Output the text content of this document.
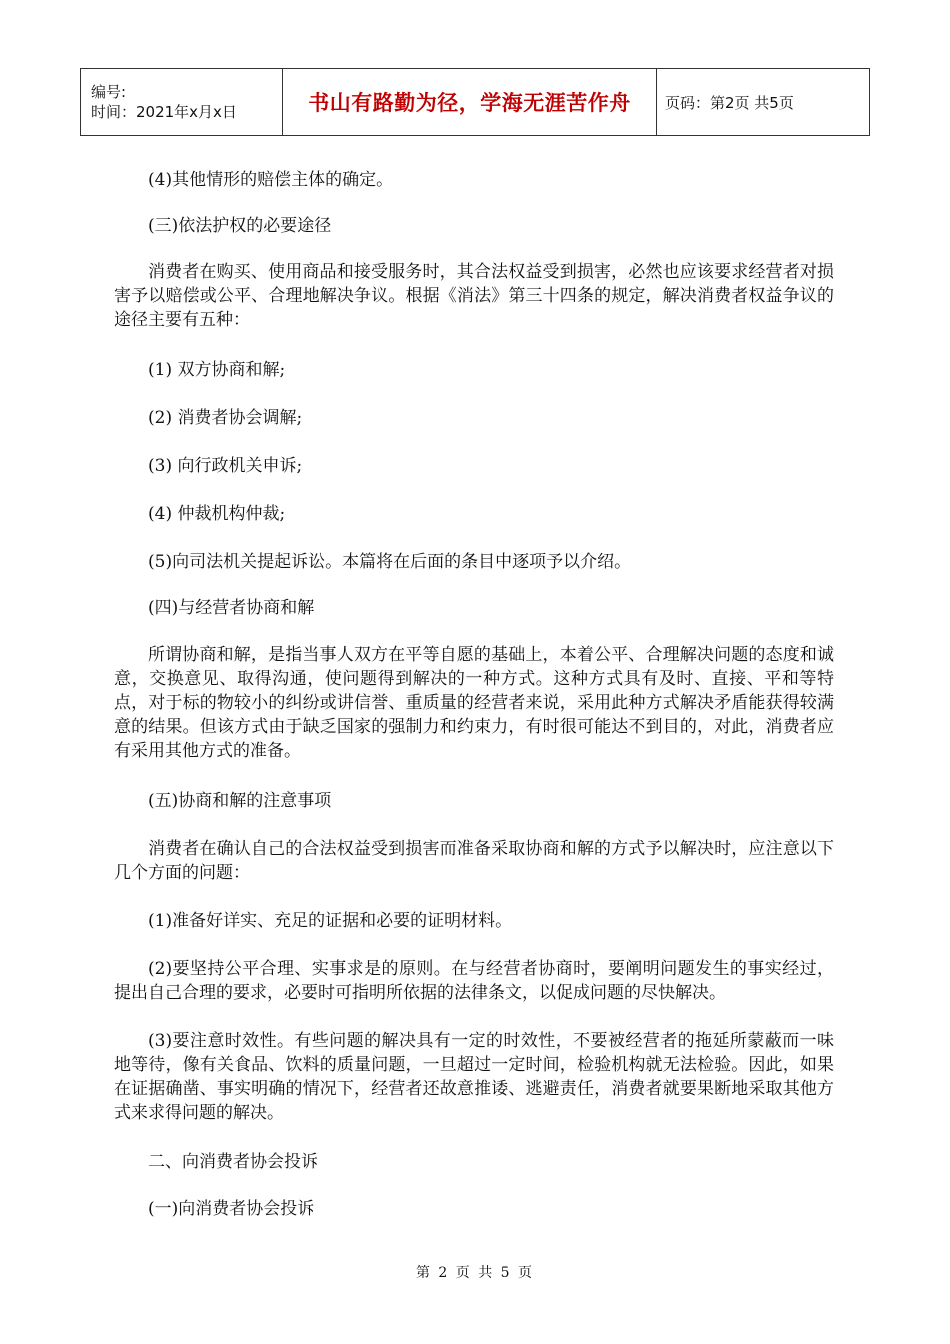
编号:
时间：2021年x月x日	书山有路勤为径，学海无涯苦作舟 页码：第2页 共5页

(4)其他情形的赔偿主体的确定。

(三)依法护权的必要途径

消费者在购买、使用商品和接受服务时，其合法权益受到损害，必然也应该要求经营者对损害予以赔偿或公平、合理地解决争议。根据《消法》第三十四条的规定，解决消费者权益争议的途径主要有五种：

(1) 双方协商和解;

(2) 消费者协会调解;

(3) 向行政机关申诉;

(4) 仲裁机构仲裁;

(5)向司法机关提起诉讼。本篇将在后面的条目中逐项予以介绍。

(四)与经营者协商和解

所谓协商和解，是指当事人双方在平等自愿的基础上，本着公平、合理解决问题的态度和诚意，交换意见、取得沟通，使问题得到解决的一种方式。这种方式具有及时、直接、平和等特点，对于标的物较小的纠纷或讲信誉、重质量的经营者来说，采用此种方式解决矛盾能获得较满意的结果。但该方式由于缺乏国家的强制力和约束力，有时很可能达不到目的，对此，消费者应有采用其他方式的准备。

(五)协商和解的注意事项

消费者在确认自己的合法权益受到损害而准备采取协商和解的方式予以解决时，应注意以下几个方面的问题：

(1)准备好详实、充足的证据和必要的证明材料。

(2)要坚持公平合理、实事求是的原则。在与经营者协商时，要阐明问题发生的事实经过，提出自己合理的要求，必要时可指明所依据的法律条文，以促成问题的尽快解决。

(3)要注意时效性。有些问题的解决具有一定的时效性，不要被经营者的拖延所蒙蔽而一味地等待，像有关食品、饮料的质量问题，一旦超过一定时间，检验机构就无法检验。因此，如果在证据确凿、事实明确的情况下，经营者还故意推诿、逃避责任，消费者就要果断地采取其他方式来求得问题的解决。

二、向消费者协会投诉

(一)向消费者协会投诉

第 2 页 共 5 页
